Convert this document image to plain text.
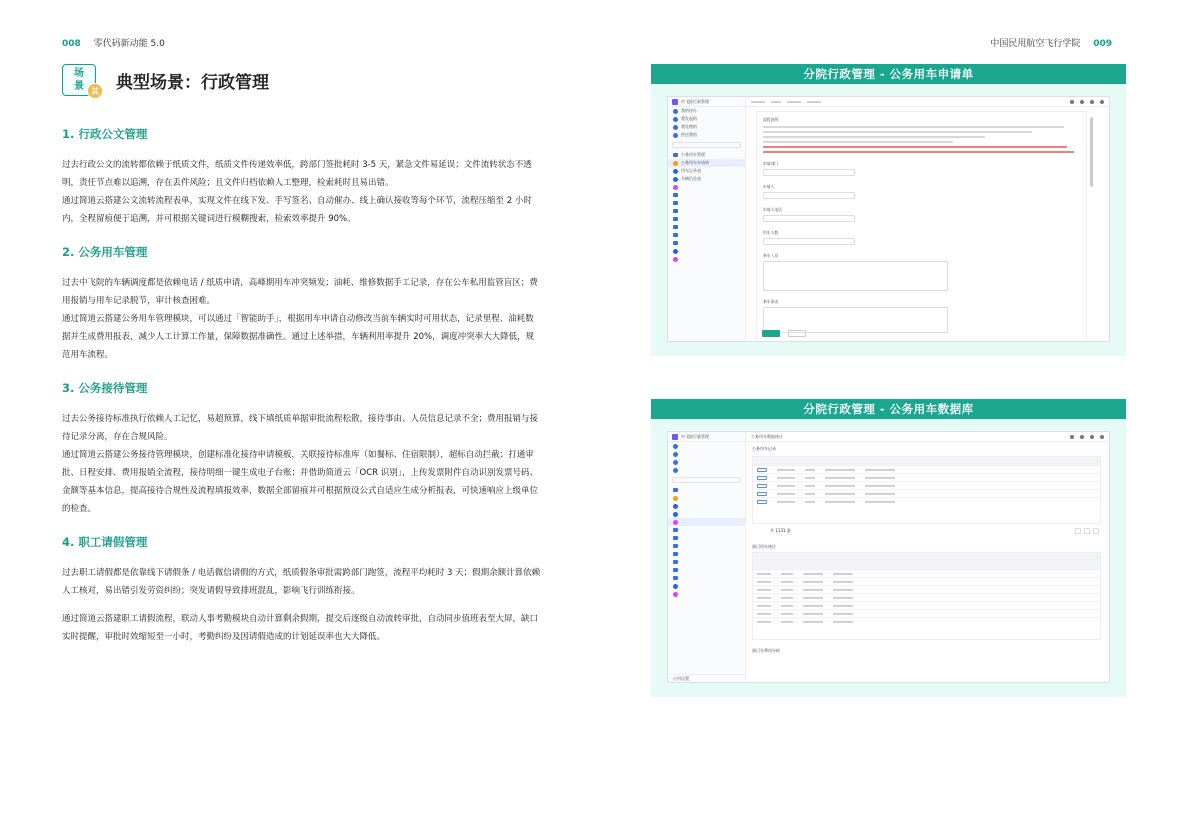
008 零代码新动能 5.0	中国民用航空飞行学院 009
场
景 其 典型场景：行政管理
1. 行政公文管理
过去行政公文的流转都依赖于纸质文件，纸质文件传递效率低，跨部门签批耗时 3-5 天，紧急文件易延误；文件流转状态不透明，责任节点难以追溯，存在丢件风险；且文件归档依赖人工整理，检索耗时且易出错。
通过简道云搭建公文流转流程表单，实现文件在线下发、手写签名、自动催办、线上确认接收等每个环节，流程压缩至 2 小时内，全程留痕便于追溯，并可根据关键词进行模糊搜索，检索效率提升 90%。
2. 公务用车管理
过去中飞院的车辆调度都是依赖电话 / 纸质申请，高峰期用车冲突频发；油耗、维修数据手工记录，存在公车私用监管盲区；费用报销与用车记录脱节，审计核查困难。
通过简道云搭建公务用车管理模块，可以通过「智能助手」，根据用车申请自动修改当前车辆实时可用状态，记录里程、油耗数据并生成费用报表，减少人工计算工作量，保障数据准确性。通过上述举措，车辆利用率提升 20%，调度冲突率大大降低，规范用车流程。
3. 公务接待管理
过去公务接待标准执行依赖人工记忆，易超预算，线下填纸质单据审批流程松散，接待事由、人员信息记录不全；费用报销与接待记录分离，存在合规风险。
通过简道云搭建公务接待管理模块，创建标准化接待申请模板，关联接待标准库（如餐标、住宿限制），超标自动拦截；打通审批、日程安排、费用报销全流程，接待明细一键生成电子台账；并借助简道云「OCR 识别」，上传发票附件自动识别发票号码、金额等基本信息，提高接待合规性及流程填报效率，数据全部留痕并可根据预设公式自适应生成分析报表，可快速响应上级单位的检查。
4. 职工请假管理
过去职工请假都是依靠线下请假条 / 电话微信请假的方式，纸质假条审批需跨部门跑签，流程平均耗时 3 天；假期余额计算依赖人工核对，易出错引发劳资纠纷；突发请假导致排班混乱，影响飞行训练衔接。
通过简道云搭建职工请假流程，联动人事考勤模块自动计算剩余假期，提交后逐级自动流转审批，自动同步值班表至大屏，缺口实时提醒，审批时效缩短至一小时，考勤纠纷及因请假造成的计划延误率也大大降低。
分院行政管理 - 公务用车申请单
中飞院行政管理
我的待办
我发起的
我处理的
抄送我的
公务用车管理
公务用车申请单
用车记录表
车辆信息表
流程说明：
申请部门
申请人
申请人电话
用车人数
乘车人员
乘车事由
分院行政管理 - 公务用车数据库
中飞院行政管理
应用设置
公务用车数据统计
公务用车记录
共 1131 条
部门用车统计
部门车费用分析
